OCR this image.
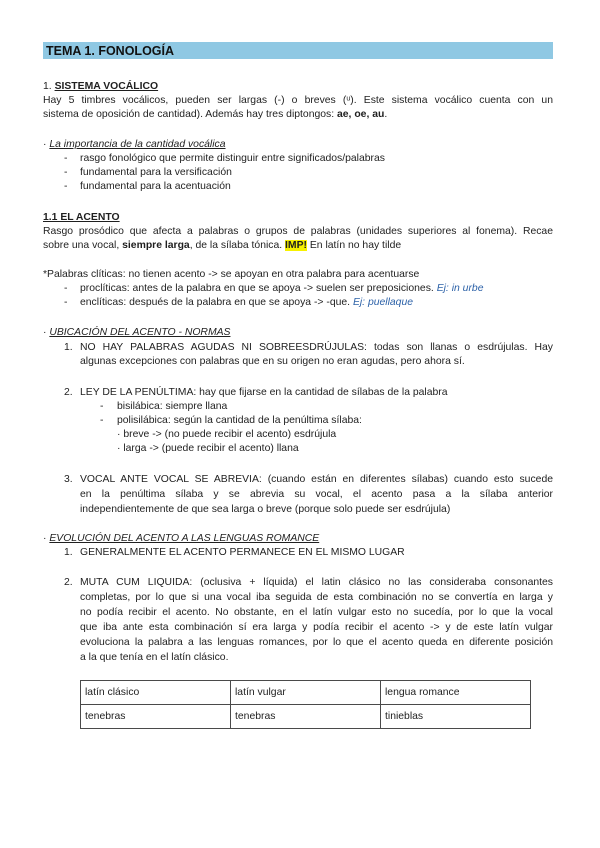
TEMA 1. FONOLOGÍA
1. SISTEMA VOCÁLICO
Hay 5 timbres vocálicos, pueden ser largas (-) o breves (ᵘ). Este sistema vocálico cuenta con un
sistema de oposición de cantidad). Además hay tres diptongos: ae, oe, au.
· La importancia de la cantidad vocálica
- rasgo fonológico que permite distinguir entre significados/palabras
- fundamental para la versificación
- fundamental para la acentuación
1.1 EL ACENTO
Rasgo prosódico que afecta a palabras o grupos de palabras (unidades superiores al fonema). Recae
sobre una vocal, siempre larga, de la sílaba tónica. IMP! En latín no hay tilde
*Palabras clíticas: no tienen acento -> se apoyan en otra palabra para acentuarse
- proclíticas: antes de la palabra en que se apoya -> suelen ser preposiciones. Ej: in urbe
- enclíticas: después de la palabra en que se apoya -> -que. Ej: puellaque
· UBICACIÓN DEL ACENTO - NORMAS
1. NO HAY PALABRAS AGUDAS NI SOBREESDRÚJULAS: todas son llanas o esdrújulas. Hay
algunas excepciones con palabras que en su origen no eran agudas, pero ahora sí.
2. LEY DE LA PENÚLTIMA: hay que fijarse en la cantidad de sílabas de la palabra
- bisilábica: siempre llana
- polisilábica: según la cantidad de la penúltima sílaba:
· breve -> (no puede recibir el acento) esdrújula
· larga -> (puede recibir el acento) llana
3. VOCAL ANTE VOCAL SE ABREVIA: (cuando están en diferentes sílabas) cuando esto sucede
en la penúltima sílaba y se abrevia su vocal, el acento pasa a la sílaba anterior
independientemente de que sea larga o breve (porque solo puede ser esdrújula)
· EVOLUCIÓN DEL ACENTO A LAS LENGUAS ROMANCE
1. GENERALMENTE EL ACENTO PERMANECE EN EL MISMO LUGAR
2. MUTA CUM LIQUIDA: (oclusiva + líquida) el latin clásico no las consideraba consonantes
completas, por lo que si una vocal iba seguida de esta combinación no se convertía en larga y
no podía recibir el acento. No obstante, en el latín vulgar esto no sucedía, por lo que la vocal
que iba ante esta combinación sí era larga y podía recibir el acento -> y de este latín vulgar
evoluciona la palabra a las lenguas romances, por lo que el acento queda en diferente posición
a la que tenía en el latín clásico.
latín clásico	latín vulgar	lengua romance
tenebras	tenebras	tinieblas
